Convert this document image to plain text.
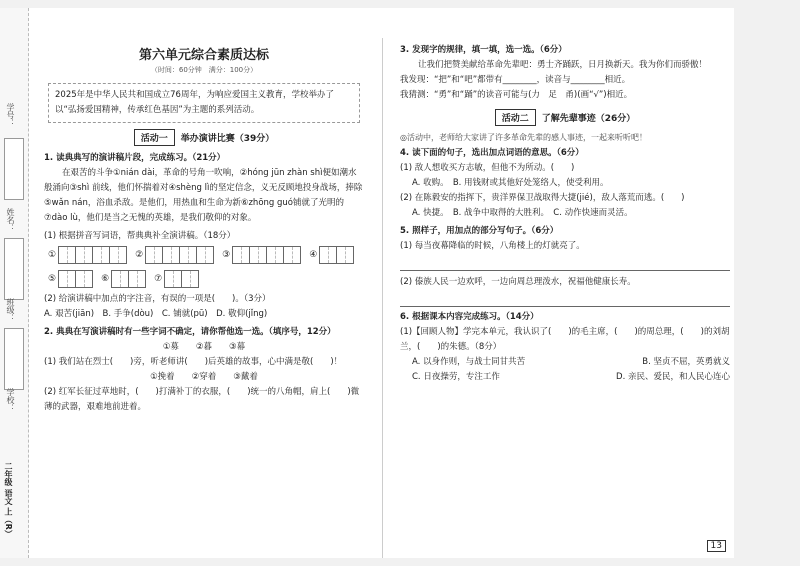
第六单元综合素质达标
（时间：60分钟　满分：100分）
2025年是中华人民共和国成立76周年，为响应爱国主义教育，学校举办了以“弘扬爱国精神，传承红色基因”为主题的系列活动。
活动一	举办演讲比赛（39分）
1. 读典典写的演讲稿片段，完成练习。（21分）

在艰苦的斗争①nián dài，革命的号角一吹响，②hóng jūn zhàn shì便如潮水般涌向③shì 前线，他们怀揣着对④shèng lì的坚定信念，义无反顾地投身战场，捧除⑤wǎn nán，浴血杀敌。是他们，用热血和生命为新⑥zhōng guó铺就了光明的⑦dào lù，他们是当之无愧的英雄，是我们敬仰的对象。

(1) 根据拼音写词语，帮典典补全演讲稿。（18分）
①	②	③	④
⑤	⑥	⑦
(2) 给演讲稿中加点的字注音，有误的一项是(　　)。（3分）
A. 艰苦(jiān)　B. 手争(dòu)　C. 铺就(pū)　D. 敬仰(jǐng)
2. 典典在写演讲稿时有一些字词不确定，请你帮他选一选。（填序号，12分）
①募　　②暮　　③幕

(1) 我们站在烈士(　　)旁，听老师讲(　　)后英雄的故事，心中满是敬(　　)！

①挽着　　②穿着　　③戴着

(2) 红军长征过草地时，(　　)打满补丁的衣服，(　　)统一的八角帽，肩上(　　)微薄的武器，艰难地前进着。

3. 发现字的规律，填一填，选一选。（6分）

让我们把赞美献给革命先辈吧：勇士齐踊跃，日月换新天。我为你们而骄傲！

我发现：“把”和“吧”都带有________，读音与________相近。

我猜测：“勇”和“踊”的读音可能与(力　足　甬)(画“√”)相近。

活动二	了解先辈事迹（26分）
◎活动中，老师给大家讲了许多革命先辈的感人事迹，一起来听听吧！
4. 读下面的句子，选出加点词语的意思。（6分）

(1) 敌人想收买方志敏，但他不为所动。(　　)

A. 收购。　B. 用钱财或其他好处笼络人，使受利用。

(2) 在陈毅安的指挥下，贵洋界保卫战取得大捷(jié)，敌人落荒而逃。(　　)

A. 快捷。　B. 战争中取得的大胜利。　C. 动作快速而灵活。

5. 照样子，用加点的部分写句子。（6分）

(1) 每当夜幕降临的时候，八角楼上的灯就亮了。

(2) 傣族人民一边欢呼，一边向周总理泼水，祝福他健康长寿。

6. 根据课本内容完成练习。（14分）

(1)【回顾人物】学完本单元，我认识了(　　)的毛主席，(　　)的周总理，(　　)的刘胡兰，(　　)的朱德。（8分）

A. 以身作则，与战士同甘共苦	B. 坚贞不屈，英勇就义
C. 日夜操劳，专注工作	D. 亲民、爱民，和人民心连心
13
学号：
姓名：
班级：
学校：
二年级 语文 上（R）
